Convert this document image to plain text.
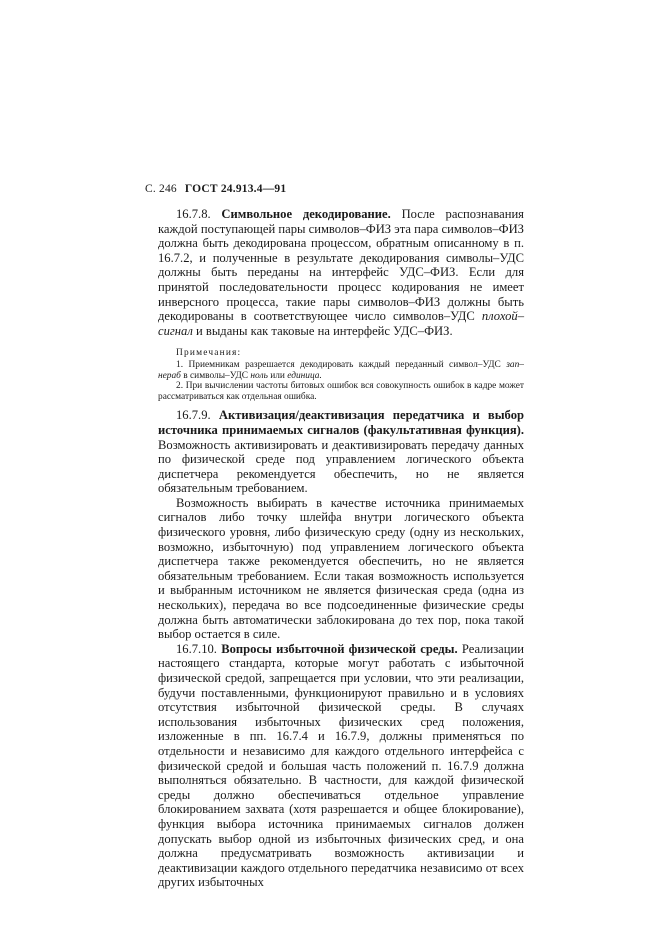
С. 246 ГОСТ 24.913.4—91

16.7.8. Символьное декодирование. После распознавания каждой поступающей пары символов–ФИЗ эта пара символов–ФИЗ должна быть декодирована процессом, обратным описанному в п. 16.7.2, и полученные в результате декодирования символы–УДС должны быть переданы на интерфейс УДС–ФИЗ. Если для принятой последовательности процесс кодирования не имеет инверсного процесса, такие пары символов–ФИЗ должны быть декодированы в соответствующее число символов–УДС плохой–сигнал и выданы как таковые на интерфейс УДС–ФИЗ.

Примечания:

1. Приемникам разрешается декодировать каждый переданный символ–УДС зап–нераб в символы–УДС ноль или единица.

2. При вычислении частоты битовых ошибок вся совокупность ошибок в кадре может рассматриваться как отдельная ошибка.

16.7.9. Активизация/деактивизация передатчика и выбор источника принимаемых сигналов (факультативная функция). Возможность активизировать и деактивизировать передачу данных по физической среде под управлением логического объекта диспетчера рекомендуется обеспечить, но не является обязательным требованием.

Возможность выбирать в качестве источника принимаемых сигналов либо точку шлейфа внутри логического объекта физического уровня, либо физическую среду (одну из нескольких, возможно, избыточную) под управлением логического объекта диспетчера также рекомендуется обеспечить, но не является обязательным требованием. Если такая возможность используется и выбранным источником не является физическая среда (одна из нескольких), передача во все подсоединенные физические среды должна быть автоматически заблокирована до тех пор, пока такой выбор остается в силе.

16.7.10. Вопросы избыточной физической среды. Реализации настоящего стандарта, которые могут работать с избыточной физической средой, запрещается при условии, что эти реализации, будучи поставленными, функционируют правильно и в условиях отсутствия избыточной физической среды. В случаях использования избыточных физических сред положения, изложенные в пп. 16.7.4 и 16.7.9, должны применяться по отдельности и независимо для каждого отдельного интерфейса с физической средой и большая часть положений п. 16.7.9 должна выполняться обязательно. В частности, для каждой физической среды должно обеспечиваться отдельное управление блокированием захвата (хотя разрешается и общее блокирование), функция выбора источника принимаемых сигналов должен допускать выбор одной из избыточных физических сред, и она должна предусматривать возможность активизации и деактивизации каждого отдельного передатчика независимо от всех других избыточных
